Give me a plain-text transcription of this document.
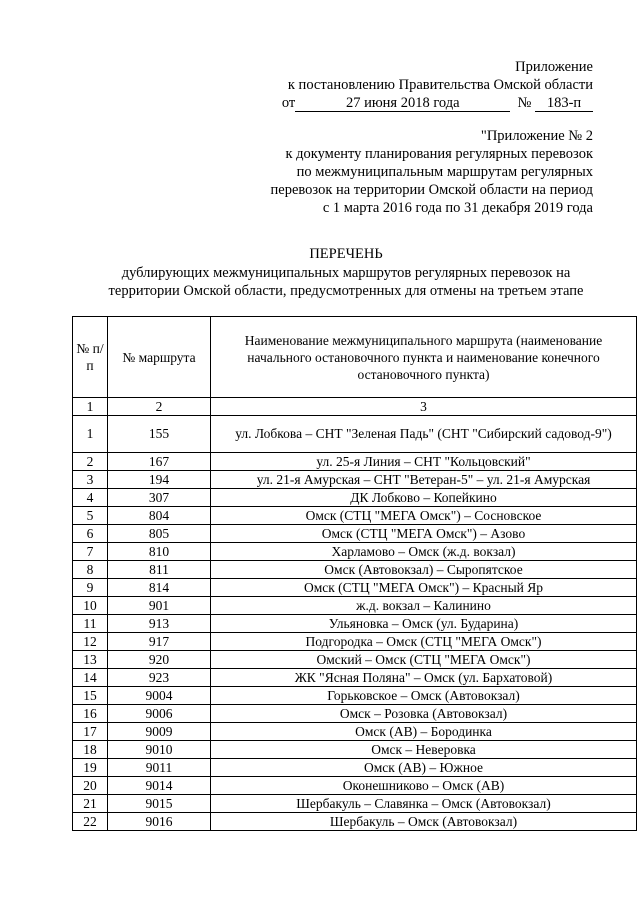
Приложение
к постановлению Правительства Омской области
от	27 июня 2018 года	№ 183-п
"Приложение № 2
к документу планирования регулярных перевозок
по межмуниципальным маршрутам регулярных
перевозок на территории Омской области на период
с 1 марта 2016 года по 31 декабря 2019 года
ПЕРЕЧЕНЬ
дублирующих межмуниципальных маршрутов регулярных перевозок на
территории Омской области, предусмотренных для отмены на третьем этапе
№ п/п	№ маршрута	Наименование межмуниципального маршрута (наименование начального остановочного пункта и наименование конечного остановочного пункта)
1	2	3
1	155	ул. Лобкова – СНТ "Зеленая Падь" (СНТ "Сибирский садовод-9")
2	167	ул. 25-я Линия – СНТ "Кольцовский"
3	194	ул. 21-я Амурская – СНТ "Ветеран-5" – ул. 21-я Амурская
4	307	ДК Лобково – Копейкино
5	804	Омск (СТЦ "МЕГА Омск") – Сосновское
6	805	Омск (СТЦ "МЕГА Омск") – Азово
7	810	Харламово – Омск (ж.д. вокзал)
8	811	Омск (Автовокзал) – Сыропятское
9	814	Омск (СТЦ "МЕГА Омск") – Красный Яр
10	901	ж.д. вокзал – Калинино
11	913	Ульяновка – Омск (ул. Бударина)
12	917	Подгородка – Омск (СТЦ "МЕГА Омск")
13	920	Омский – Омск (СТЦ "МЕГА Омск")
14	923	ЖК "Ясная Поляна" – Омск (ул. Бархатовой)
15	9004	Горьковское – Омск (Автовокзал)
16	9006	Омск – Розовка (Автовокзал)
17	9009	Омск (АВ) – Бородинка
18	9010	Омск – Неверовка
19	9011	Омск (АВ) – Южное
20	9014	Оконешниково – Омск (АВ)
21	9015	Шербакуль – Славянка – Омск (Автовокзал)
22	9016	Шербакуль – Омск (Автовокзал)
